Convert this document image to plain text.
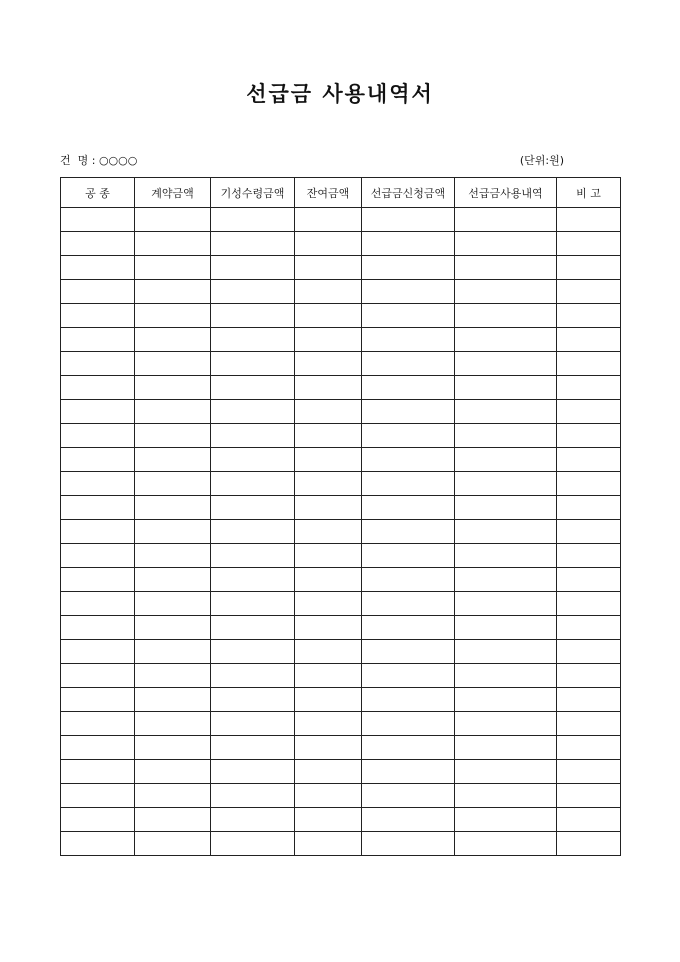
선급금 사용내역서
건  명 : ○○○○	(단위:원)
공 종	계약금액	기성수령금액	잔여금액	선급금신청금액	선급금사용내역	비 고
